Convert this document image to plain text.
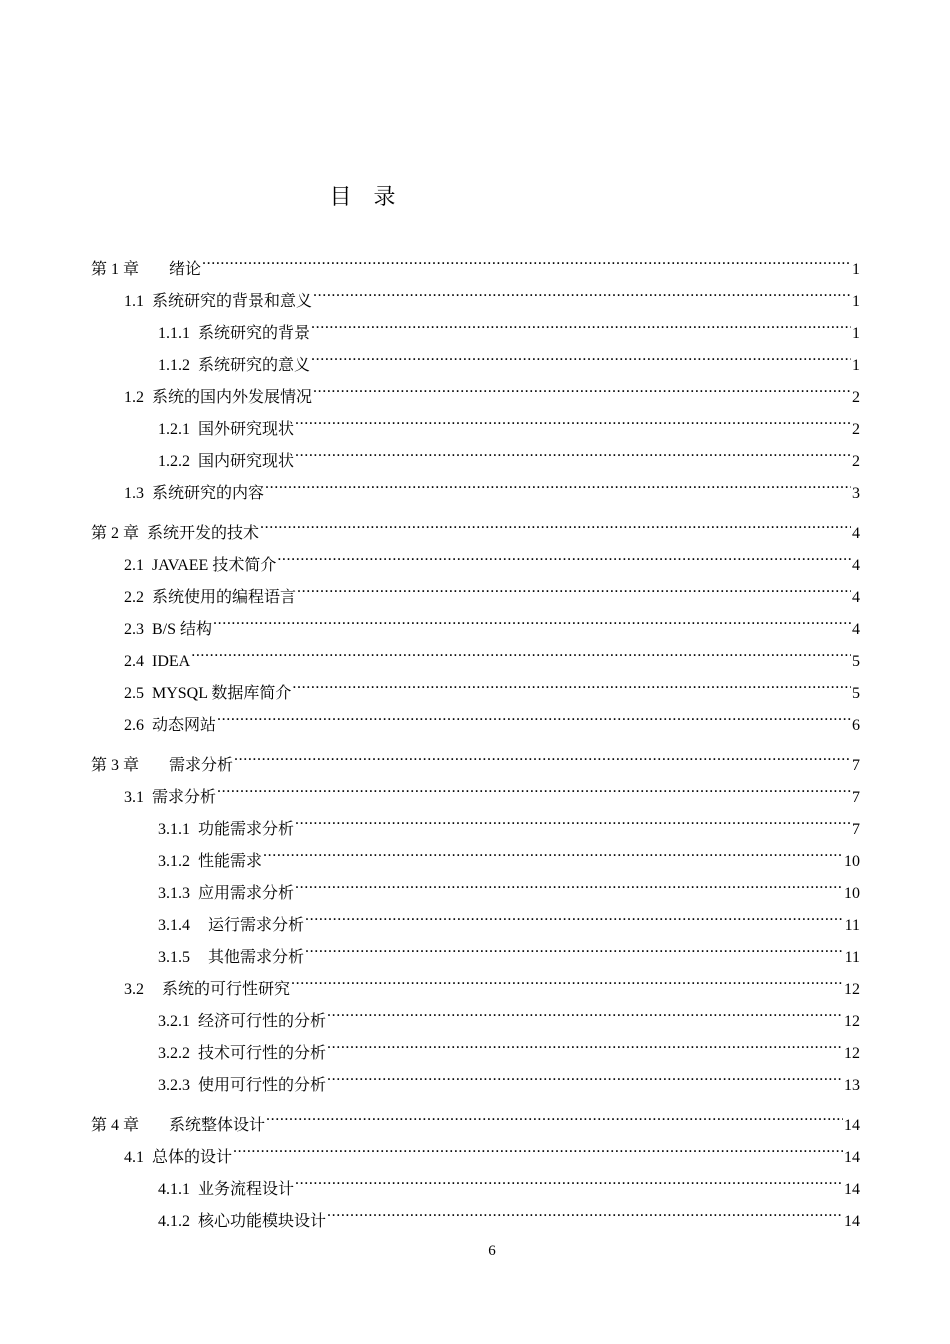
目　录
第 1 章 绪论 .....	1
1.1 系统研究的背景和意义 .....	1
1.1.1 系统研究的背景 .....	1
1.1.2 系统研究的意义 .....	1
1.2 系统的国内外发展情况 .....	2
1.2.1 国外研究现状 .....	2
1.2.2 国内研究现状 .....	2
1.3 系统研究的内容 .....	3
第 2 章 系统开发的技术 .....	4
2.1 JAVAEE 技术简介 .....	4
2.2 系统使用的编程语言 .....	4
2.3 B/S 结构 .....	4
2.4 IDEA .....	5
2.5 MYSQL 数据库简介 .....	5
2.6 动态网站 .....	6
第 3 章 需求分析 .....	7
3.1 需求分析 .....	7
3.1.1 功能需求分析 .....	7
3.1.2 性能需求 .....	10
3.1.3 应用需求分析 .....	10
3.1.4 运行需求分析 .....	11
3.1.5 其他需求分析 .....	11
3.2 系统的可行性研究 .....	12
3.2.1 经济可行性的分析 .....	12
3.2.2 技术可行性的分析 .....	12
3.2.3 使用可行性的分析 .....	13
第 4 章 系统整体设计 .....	14
4.1 总体的设计 .....	14
4.1.1 业务流程设计 .....	14
4.1.2 核心功能模块设计 .....	14
6
